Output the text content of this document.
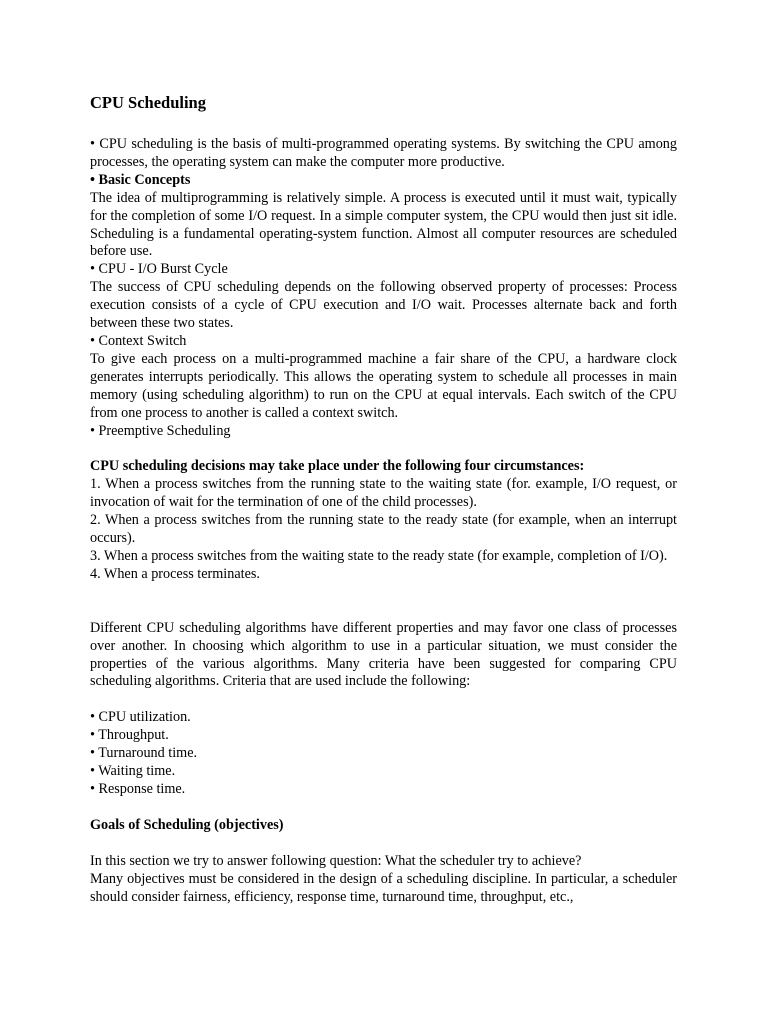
CPU Scheduling

• CPU scheduling is the basis of multi-programmed operating systems. By switching the CPU among processes, the operating system can make the computer more productive.

• Basic Concepts

The idea of multiprogramming is relatively simple. A process is executed until it must wait, typically for the completion of some I/O request. In a simple computer system, the CPU would then just sit idle. Scheduling is a fundamental operating-system function. Almost all computer resources are scheduled before use.

• CPU - I/O Burst Cycle

The success of CPU scheduling depends on the following observed property of processes: Process execution consists of a cycle of CPU execution and I/O wait. Processes alternate back and forth between these two states.

• Context Switch

To give each process on a multi-programmed machine a fair share of the CPU, a hardware clock generates interrupts periodically. This allows the operating system to schedule all processes in main memory (using scheduling algorithm) to run on the CPU at equal intervals. Each switch of the CPU from one process to another is called a context switch.

• Preemptive Scheduling

CPU scheduling decisions may take place under the following four circumstances:

1. When a process switches from the running state to the waiting state (for. example, I/O request, or invocation of wait for the termination of one of the child processes).

2. When a process switches from the running state to the ready state (for example, when an interrupt occurs).

3. When a process switches from the waiting state to the ready state (for example, completion of I/O).

4. When a process terminates.

Different CPU scheduling algorithms have different properties and may favor one class of processes over another. In choosing which algorithm to use in a particular situation, we must consider the properties of the various algorithms. Many criteria have been suggested for comparing CPU scheduling algorithms. Criteria that are used include the following:

• CPU utilization.

• Throughput.

• Turnaround time.

• Waiting time.

• Response time.

Goals of Scheduling (objectives)

In this section we try to answer following question: What the scheduler try to achieve?

Many objectives must be considered in the design of a scheduling discipline. In particular, a scheduler should consider fairness, efficiency, response time, turnaround time, throughput, etc.,
